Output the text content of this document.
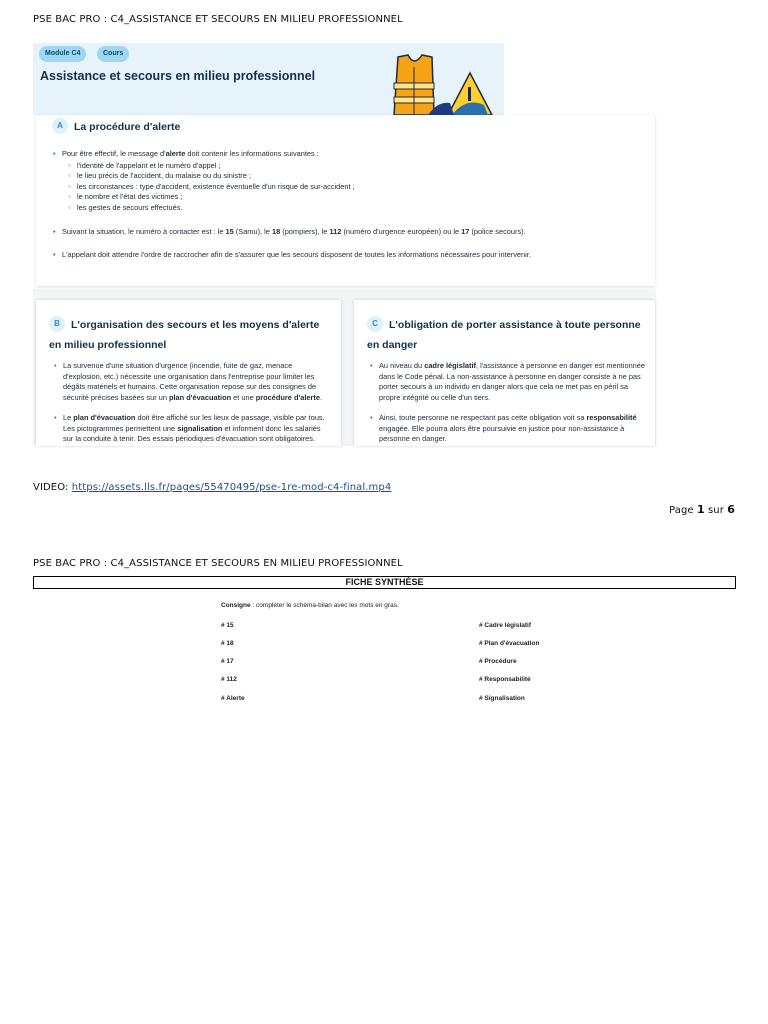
PSE BAC PRO : C4_ASSISTANCE ET SECOURS EN MILIEU PROFESSIONNEL
Module C4	Cours
Assistance et secours en milieu professionnel
A La procédure d'alerte
• Pour être effectif, le message d'alerte doit contenir les informations suivantes :
○ l'identité de l'appelant et le numéro d'appel ;
○ le lieu précis de l'accident, du malaise ou du sinistre ;
○ les circonstances : type d'accident, existence éventuelle d'un risque de sur-accident ;
○ le nombre et l'état des victimes ;
○ les gestes de secours effectués.
• Suivant la situation, le numéro à contacter est : le 15 (Samu), le 18 (pompiers), le 112 (numéro d'urgence européen) ou le 17 (police secours).
• L'appelant doit attendre l'ordre de raccrocher afin de s'assurer que les secours disposent de toutes les informations nécessaires pour intervenir.
B L'organisation des secours et les moyens d'alerte en milieu professionnel
• La survenue d'une situation d'urgence (incendie, fuite de gaz, menace d'explosion, etc.) nécessite une organisation dans l'entreprise pour limiter les dégâts matériels et humains. Cette organisation repose sur des consignes de sécurité précises basées sur un plan d'évacuation et une procédure d'alerte.
• Le plan d'évacuation doit être affiché sur les lieux de passage, visible par tous. Les pictogrammes permettent une signalisation et informent donc les salariés sur la conduite à tenir. Des essais périodiques d'évacuation sont obligatoires.
C L'obligation de porter assistance à toute personne en danger
• Au niveau du cadre législatif, l'assistance à personne en danger est mentionnée dans le Code pénal. La non-assistance à personne en danger consiste à ne pas porter secours à un individu en danger alors que cela ne met pas en péril sa propre intégrité ou celle d'un tiers.
• Ainsi, toute personne ne respectant pas cette obligation voit sa responsabilité engagée. Elle pourra alors être poursuivie en justice pour non-assistance à personne en danger.
VIDEO: https://assets.lls.fr/pages/55470495/pse-1re-mod-c4-final.mp4
Page 1 sur 6
PSE BAC PRO : C4_ASSISTANCE ET SECOURS EN MILIEU PROFESSIONNEL
FICHE SYNTHÈSE
Consigne : compléter le schéma-bilan avec les mots en gras.
# 15
# 18
# 17
# 112
# Alerte
# Cadre législatif
# Plan d'évacuation
# Procédure
# Responsabilité
# Signalisation
